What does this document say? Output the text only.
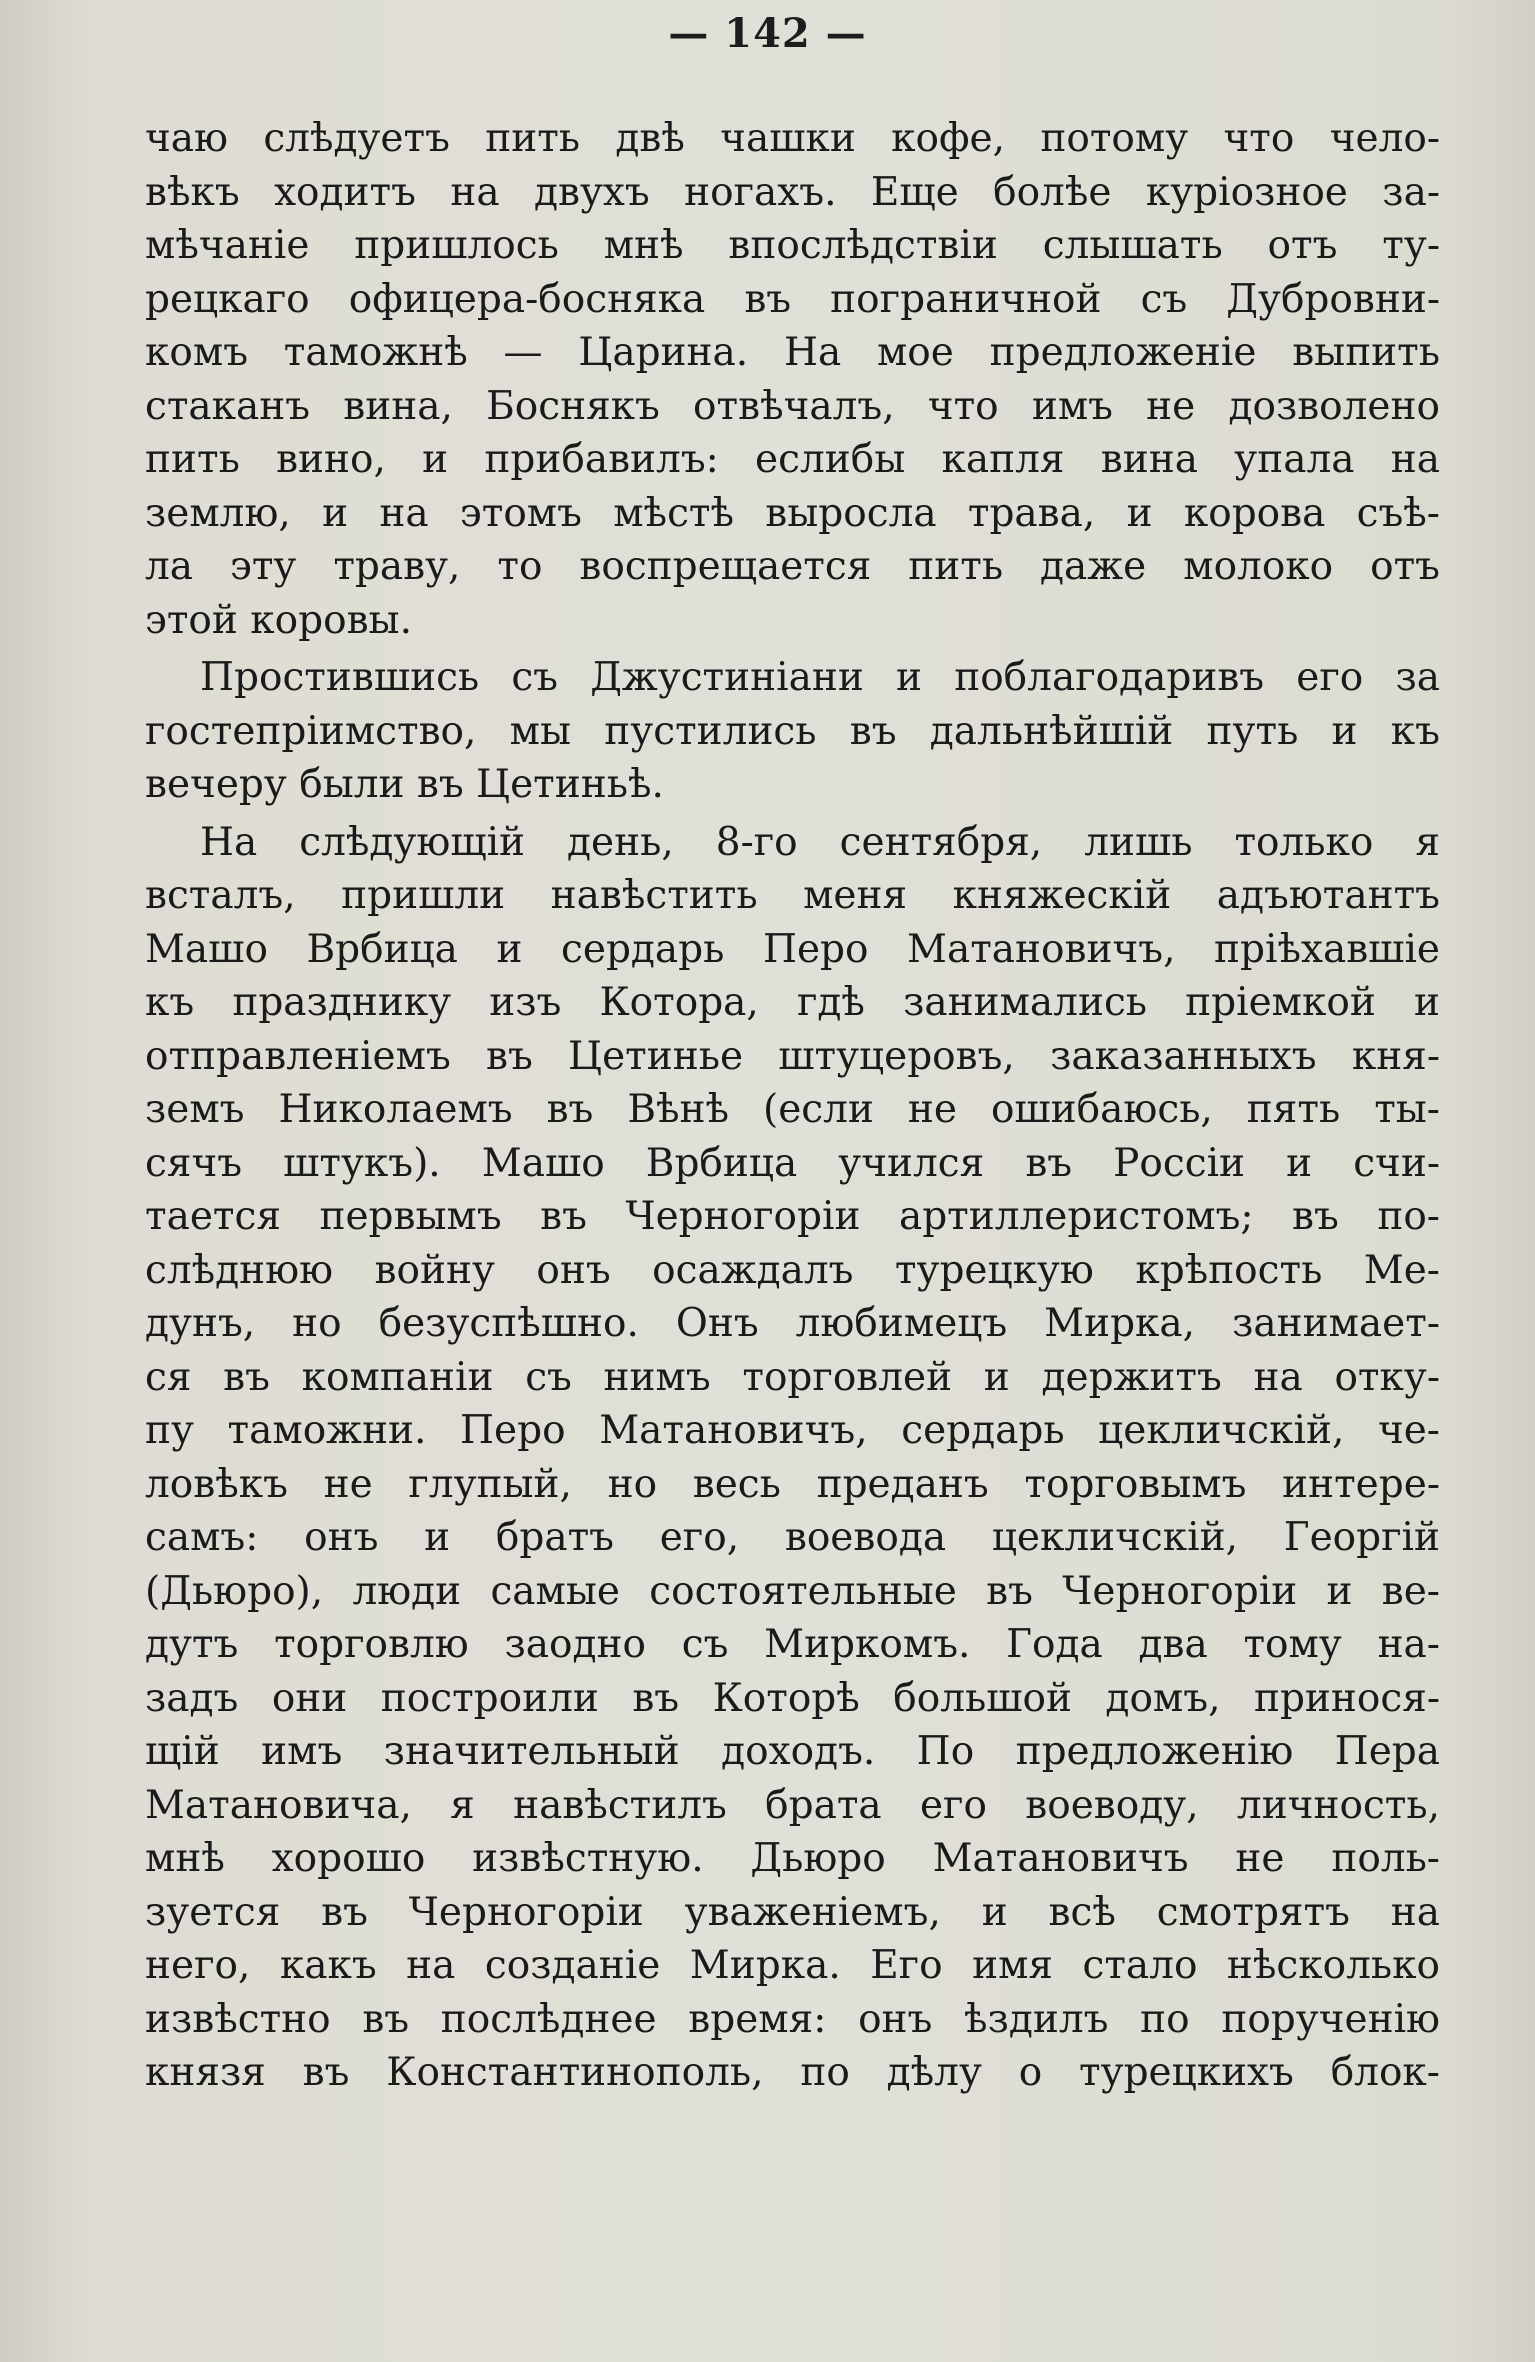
— 142 —
чаю слѣдуетъ пить двѣ чашки кофе, потому что чело-
вѣкъ ходитъ на двухъ ногахъ. Еще болѣе куріозное за-
мѣчаніе пришлось мнѣ впослѣдствіи слышать отъ ту-
рецкаго офицера-босняка въ пограничной съ Дубровни-
комъ таможнѣ — Царина. На мое предложеніе выпить
стаканъ вина, Боснякъ отвѣчалъ, что имъ не дозволено
пить вино, и прибавилъ: еслибы капля вина упала на
землю, и на этомъ мѣстѣ выросла трава, и корова съѣ-
ла эту траву, то воспрещается пить даже молоко отъ
этой коровы.
Простившись съ Джустиніани и поблагодаривъ его за
гостепріимство, мы пустились въ дальнѣйшій путь и къ
вечеру были въ Цетиньѣ.
На слѣдующій день, 8-го сентября, лишь только я
всталъ, пришли навѣстить меня княжескій адъютантъ
Машо Врбица и сердарь Перо Матановичъ, пріѣхавшіе
къ празднику изъ Котора, гдѣ занимались пріемкой и
отправленіемъ въ Цетинье штуцеровъ, заказанныхъ кня-
земъ Николаемъ въ Вѣнѣ (если не ошибаюсь, пять ты-
сячъ штукъ). Машо Врбица учился въ Россіи и счи-
тается первымъ въ Черногоріи артиллеристомъ; въ по-
слѣднюю войну онъ осаждалъ турецкую крѣпость Ме-
дунъ, но безуспѣшно. Онъ любимецъ Мирка, занимает-
ся въ компаніи съ нимъ торговлей и держитъ на отку-
пу таможни. Перо Матановичъ, сердарь цекличскій, че-
ловѣкъ не глупый, но весь преданъ торговымъ интере-
самъ: онъ и братъ его, воевода цекличскій, Георгій
(Дьюро), люди самые состоятельные въ Черногоріи и ве-
дутъ торговлю заодно съ Миркомъ. Года два тому на-
задъ они построили въ Которѣ большой домъ, принося-
щій имъ значительный доходъ. По предложенію Пера
Матановича, я навѣстилъ брата его воеводу, личность,
мнѣ хорошо извѣстную. Дьюро Матановичъ не поль-
зуется въ Черногоріи уваженіемъ, и всѣ смотрятъ на
него, какъ на созданіе Мирка. Его имя стало нѣсколько
извѣстно въ послѣднее время: онъ ѣздилъ по порученію
князя въ Константинополь, по дѣлу о турецкихъ блок-
